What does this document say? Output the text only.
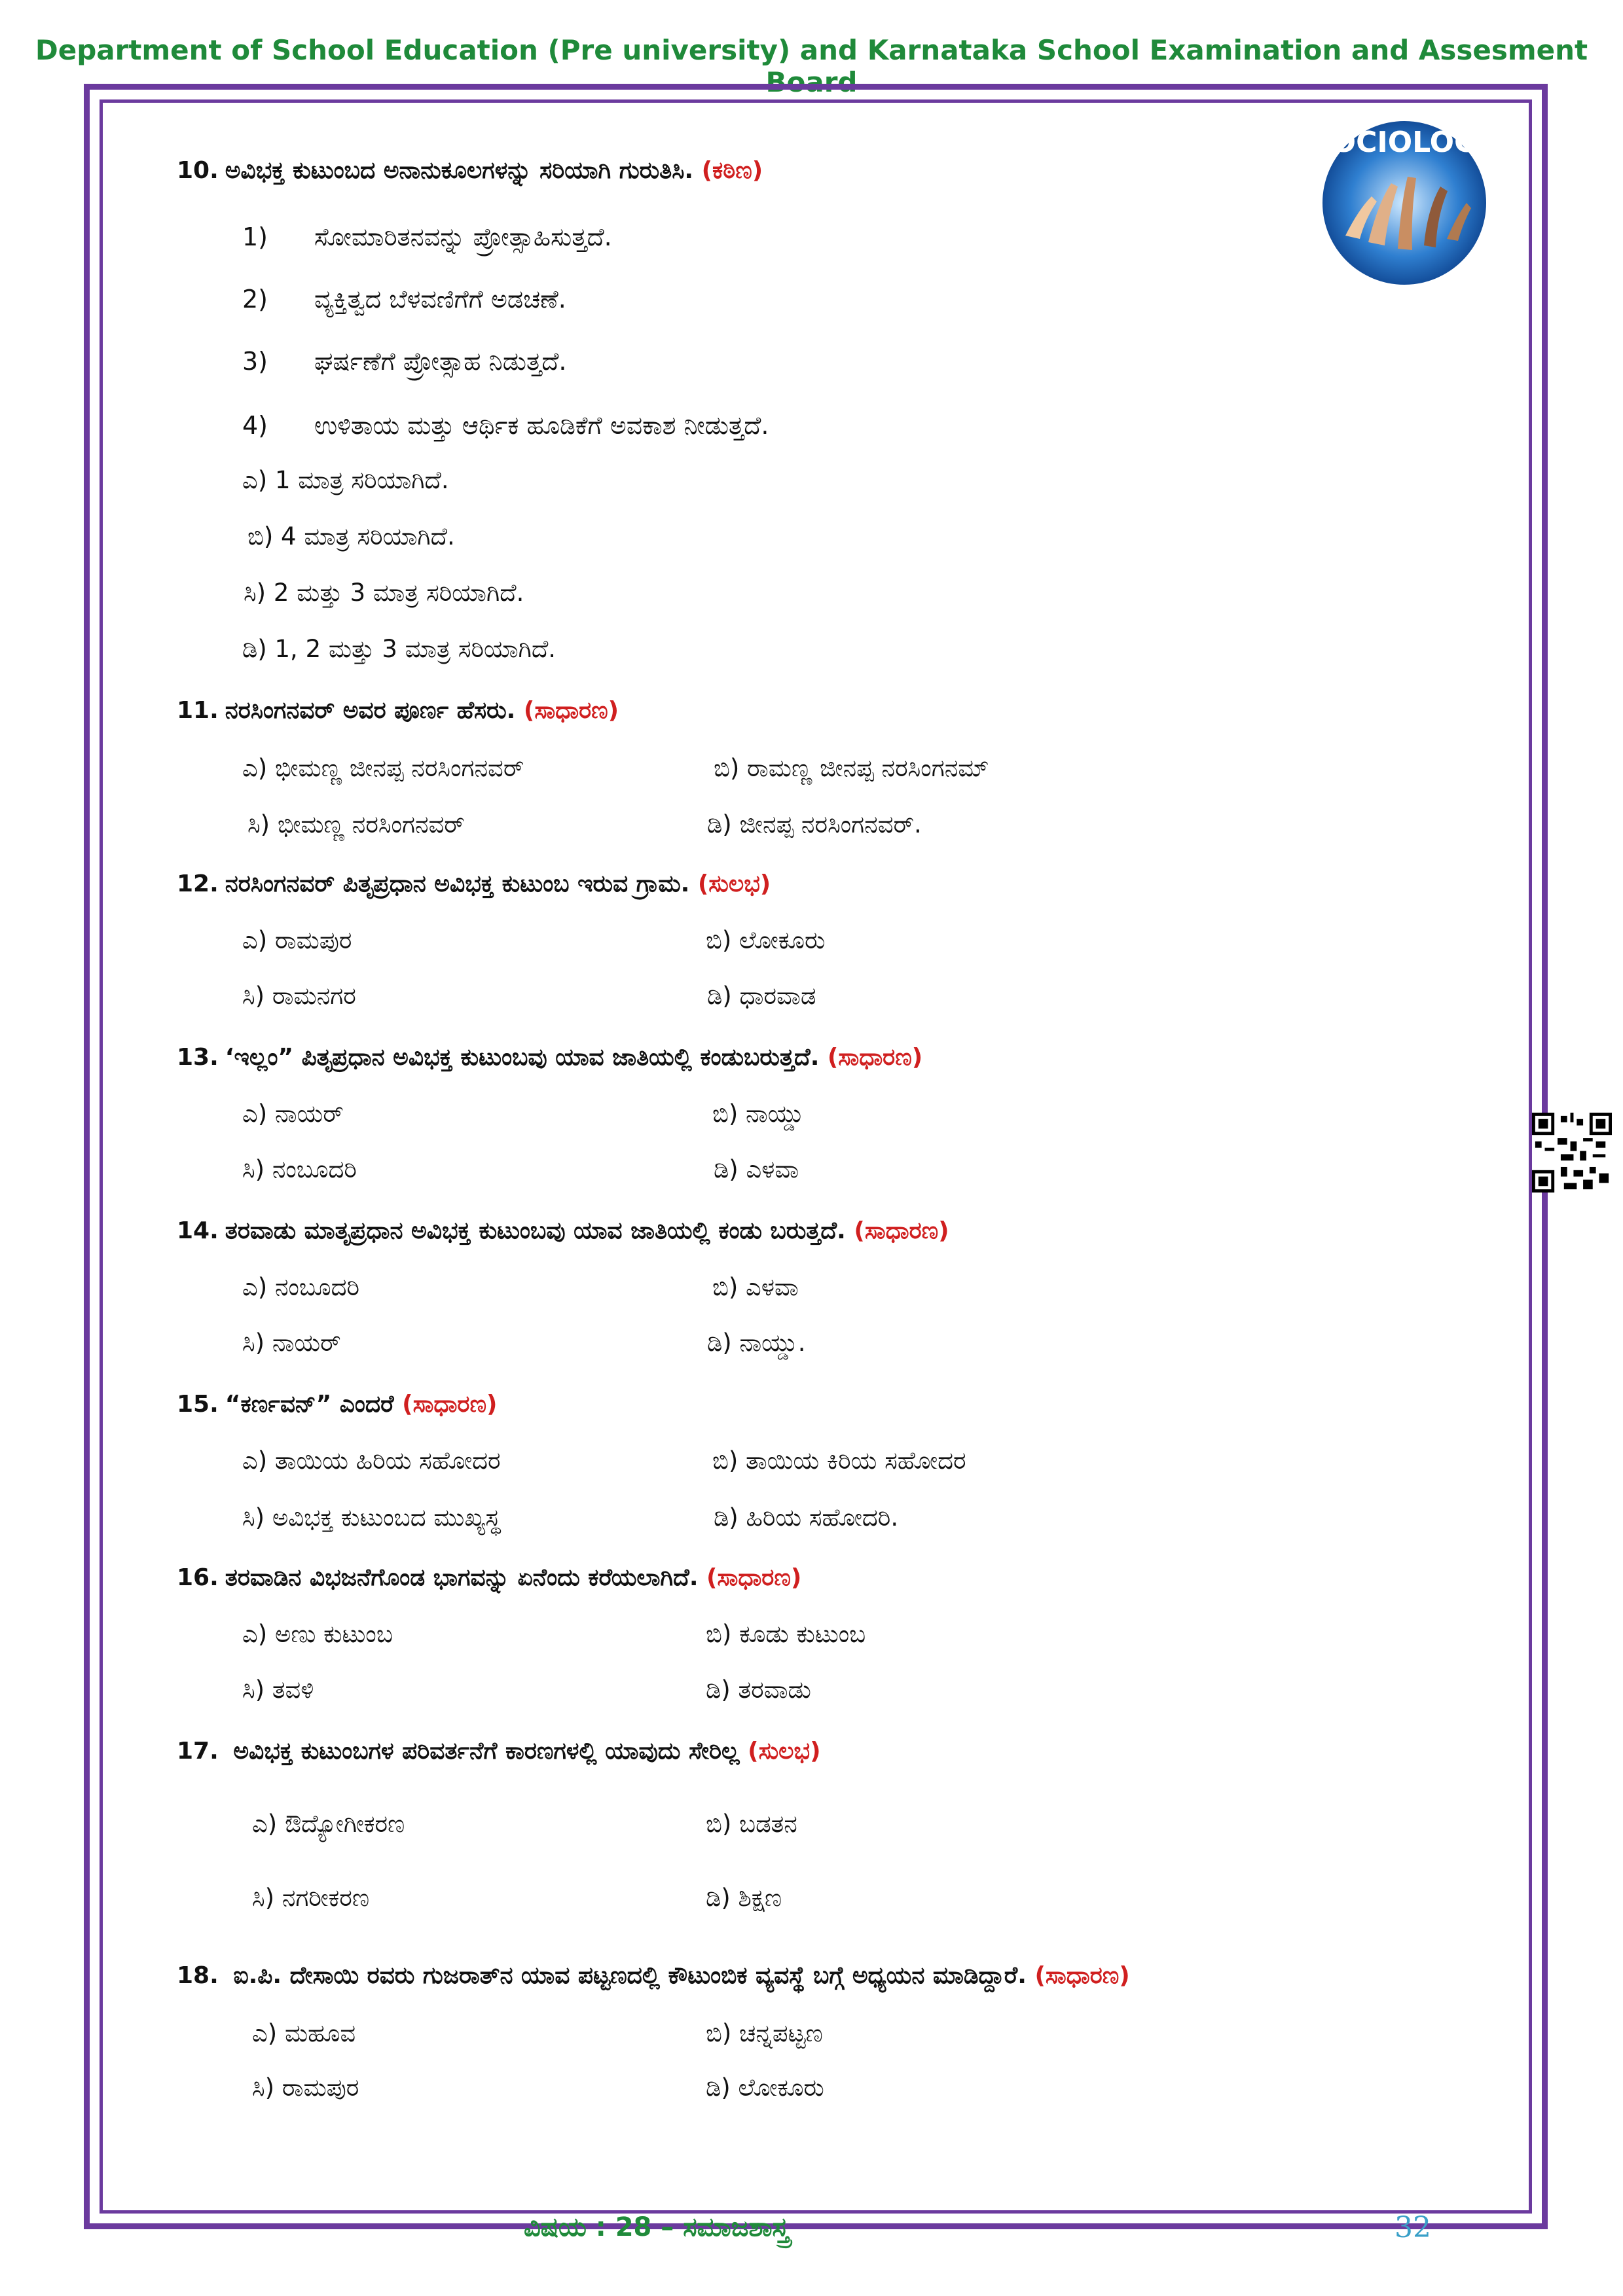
Department of School Education (Pre university) and Karnataka School Examination and Assesment Board
SOCIOLOGY
10. ಅವಿಭಕ್ತ ಕುಟುಂಬದ ಅನಾನುಕೂಲಗಳನ್ನು ಸರಿಯಾಗಿ ಗುರುತಿಸಿ. (ಕಠಿಣ)
1) ಸೋಮಾರಿತನವನ್ನು ಪ್ರೋತ್ಸಾಹಿಸುತ್ತದೆ.
2) ವ್ಯಕ್ತಿತ್ವದ ಬೆಳವಣಿಗೆಗೆ ಅಡಚಣೆ.
3) ಘರ್ಷಣೆಗೆ ಪ್ರೋತ್ಸಾಹ ನಿಡುತ್ತದೆ.
4) ಉಳಿತಾಯ ಮತ್ತು ಆರ್ಥಿಕ ಹೂಡಿಕೆಗೆ ಅವಕಾಶ ನೀಡುತ್ತದೆ.
ಎ) 1 ಮಾತ್ರ ಸರಿಯಾಗಿದೆ.
ಬಿ) 4 ಮಾತ್ರ ಸರಿಯಾಗಿದೆ.
ಸಿ) 2 ಮತ್ತು 3 ಮಾತ್ರ ಸರಿಯಾಗಿದೆ.
ಡಿ) 1, 2 ಮತ್ತು 3 ಮಾತ್ರ ಸರಿಯಾಗಿದೆ.
11. ನರಸಿಂಗನವರ್ ಅವರ ಪೂರ್ಣ ಹೆಸರು. (ಸಾಧಾರಣ)
ಎ) ಭೀಮಣ್ಣ ಜೀನಪ್ಪ ನರಸಿಂಗನವರ್	ಬಿ) ರಾಮಣ್ಣ ಜೀನಪ್ಪ ನರಸಿಂಗನಮ್
ಸಿ) ಭೀಮಣ್ಣ ನರಸಿಂಗನವರ್	ಡಿ) ಜೀನಪ್ಪ ನರಸಿಂಗನವರ್.
12. ನರಸಿಂಗನವರ್ ಪಿತೃಪ್ರಧಾನ ಅವಿಭಕ್ತ ಕುಟುಂಬ ಇರುವ ಗ್ರಾಮ. (ಸುಲಭ)
ಎ) ರಾಮಪುರ	ಬಿ) ಲೋಕೂರು
ಸಿ) ರಾಮನಗರ	ಡಿ) ಧಾರವಾಡ
13. ‘ಇಲ್ಲಂ” ಪಿತೃಪ್ರಧಾನ ಅವಿಭಕ್ತ ಕುಟುಂಬವು ಯಾವ ಜಾತಿಯಲ್ಲಿ ಕಂಡುಬರುತ್ತದೆ. (ಸಾಧಾರಣ)
ಎ) ನಾಯರ್	ಬಿ) ನಾಯ್ಡು
ಸಿ) ನಂಬೂದರಿ	ಡಿ) ಎಳವಾ
14. ತರವಾಡು ಮಾತೃಪ್ರಧಾನ ಅವಿಭಕ್ತ ಕುಟುಂಬವು ಯಾವ ಜಾತಿಯಲ್ಲಿ ಕಂಡು ಬರುತ್ತದೆ. (ಸಾಧಾರಣ)
ಎ) ನಂಬೂದರಿ	ಬಿ) ಎಳವಾ
ಸಿ) ನಾಯರ್	ಡಿ) ನಾಯ್ಡು.
15. “ಕರ್ಣವನ್” ಎಂದರೆ (ಸಾಧಾರಣ)
ಎ) ತಾಯಿಯ ಹಿರಿಯ ಸಹೋದರ	ಬಿ) ತಾಯಿಯ ಕಿರಿಯ ಸಹೋದರ
ಸಿ) ಅವಿಭಕ್ತ ಕುಟುಂಬದ ಮುಖ್ಯಸ್ಥ	ಡಿ) ಹಿರಿಯ ಸಹೋದರಿ.
16. ತರವಾಡಿನ ವಿಭಜನೆಗೊಂಡ ಭಾಗವನ್ನು ಏನೆಂದು ಕರೆಯಲಾಗಿದೆ. (ಸಾಧಾರಣ)
ಎ) ಅಣು ಕುಟುಂಬ	ಬಿ) ಕೂಡು ಕುಟುಂಬ
ಸಿ) ತವಳಿ	ಡಿ) ತರವಾಡು
17. ಅವಿಭಕ್ತ ಕುಟುಂಬಗಳ ಪರಿವರ್ತನೆಗೆ ಕಾರಣಗಳಲ್ಲಿ ಯಾವುದು ಸೇರಿಲ್ಲ (ಸುಲಭ)
ಎ) ಔದ್ಯೋಗೀಕರಣ	ಬಿ) ಬಡತನ
ಸಿ) ನಗರೀಕರಣ	ಡಿ) ಶಿಕ್ಷಣ
18. ಐ.ಪಿ. ದೇಸಾಯಿ ರವರು ಗುಜರಾತ್‌ನ ಯಾವ ಪಟ್ಟಣದಲ್ಲಿ ಕೌಟುಂಬಿಕ ವ್ಯವಸ್ಥೆ ಬಗ್ಗೆ ಅಧ್ಯಯನ ಮಾಡಿದ್ದಾರೆ. (ಸಾಧಾರಣ)
ಎ) ಮಹೂವ	ಬಿ) ಚನ್ನಪಟ್ಟಣ
ಸಿ) ರಾಮಪುರ	ಡಿ) ಲೋಕೂರು
ವಿಷಯ : 28 – ಸಮಾಜಶಾಸ್ತ್ರ	32
